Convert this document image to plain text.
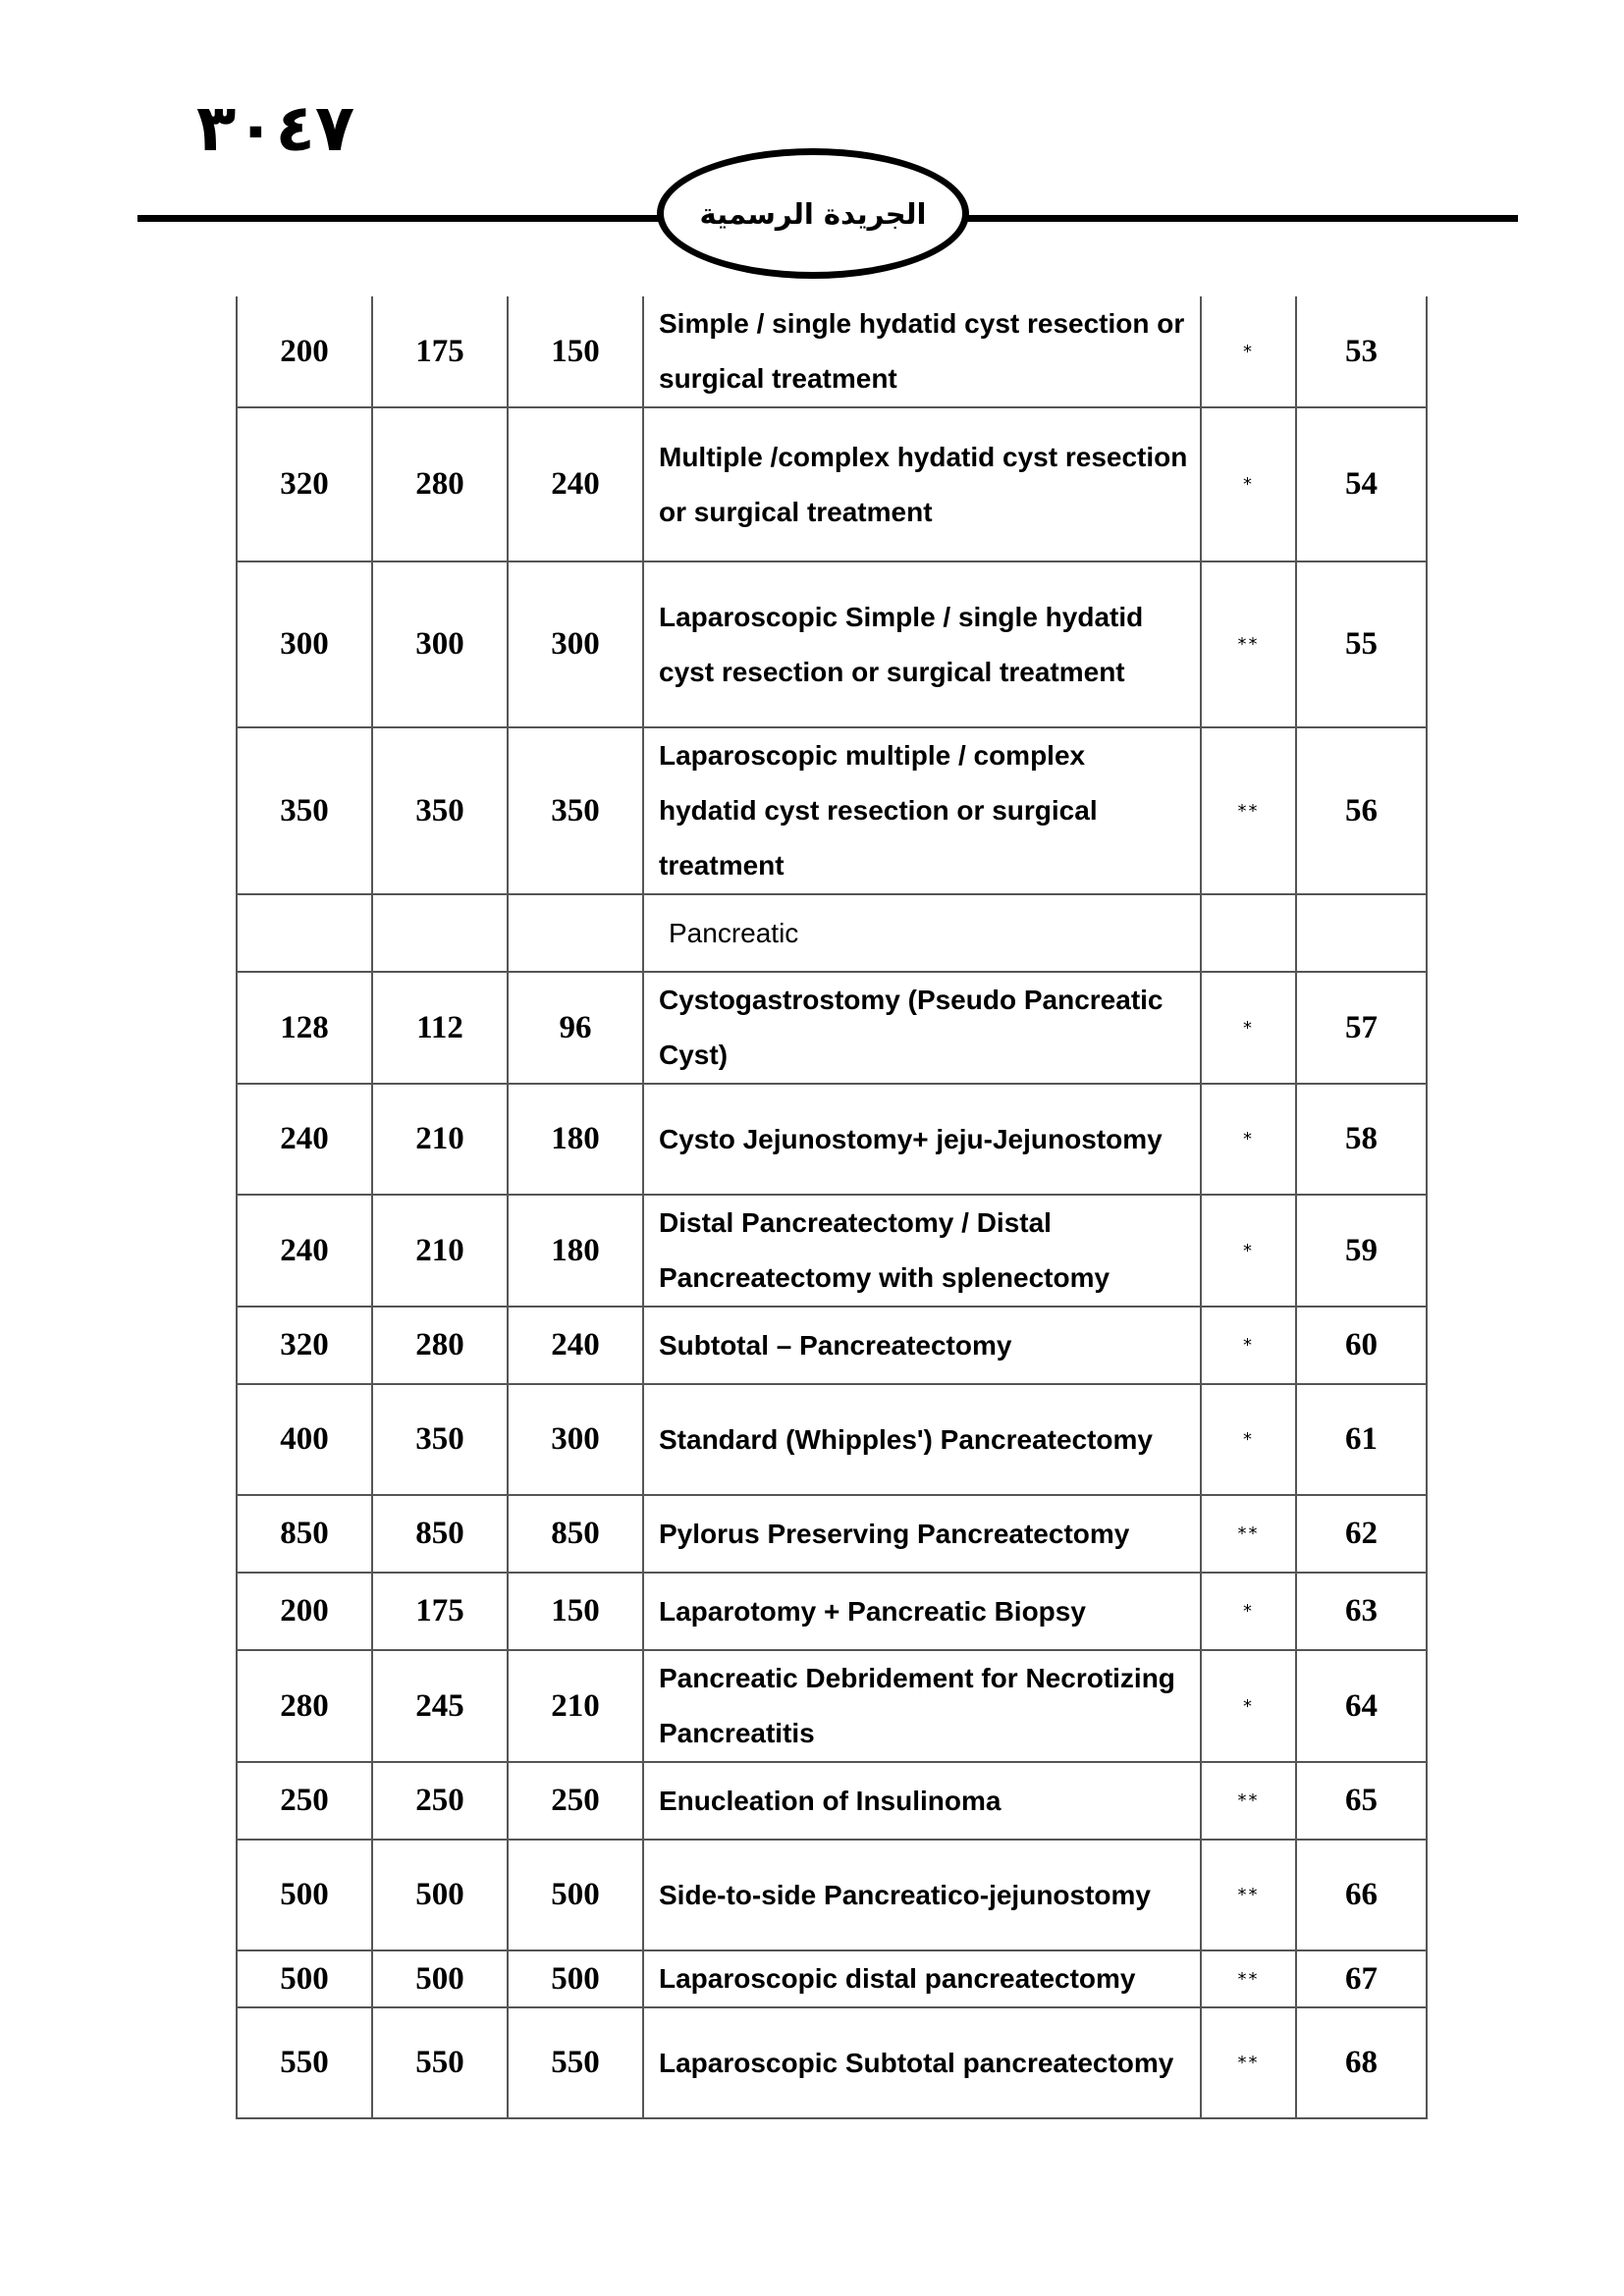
٣٠٤٧
الجريدة الرسمية
200	175	150	Simple / single hydatid cyst resection or surgical treatment	*	53
320	280	240	Multiple /complex hydatid cyst resection or surgical treatment	*	54
300	300	300	Laparoscopic Simple / single hydatid cyst resection or surgical treatment	**	55
350	350	350	Laparoscopic multiple / complex hydatid cyst resection or surgical treatment	**	56
			Pancreatic		
128	112	96	Cystogastrostomy (Pseudo Pancreatic Cyst)	*	57
240	210	180	Cysto Jejunostomy+ jeju-Jejunostomy	*	58
240	210	180	Distal Pancreatectomy / Distal Pancreatectomy with splenectomy	*	59
320	280	240	Subtotal – Pancreatectomy	*	60
400	350	300	Standard (Whipples') Pancreatectomy	*	61
850	850	850	Pylorus Preserving Pancreatectomy	**	62
200	175	150	Laparotomy + Pancreatic Biopsy	*	63
280	245	210	Pancreatic Debridement for Necrotizing Pancreatitis	*	64
250	250	250	Enucleation of Insulinoma	**	65
500	500	500	Side-to-side Pancreatico-jejunostomy	**	66
500	500	500	Laparoscopic distal pancreatectomy	**	67
550	550	550	Laparoscopic Subtotal pancreatectomy	**	68
